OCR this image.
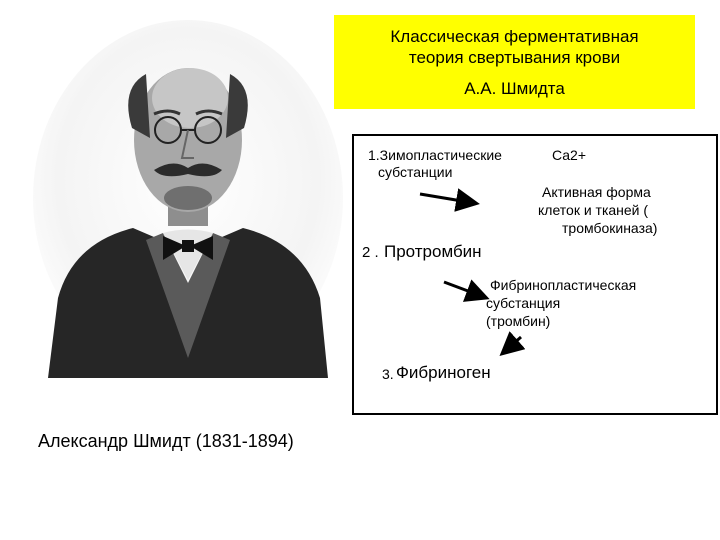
Александр Шмидт (1831-1894)
Классическая ферментативная
теория свертывания крови
А.А. Шмидта
1.Зимопластические
субстанции
Са2+
Активная форма
клеток и тканей (
тромбокиназа)
2 . Протромбин
Фибринопластическая
субстанция
(тромбин)
3. Фибриноген
